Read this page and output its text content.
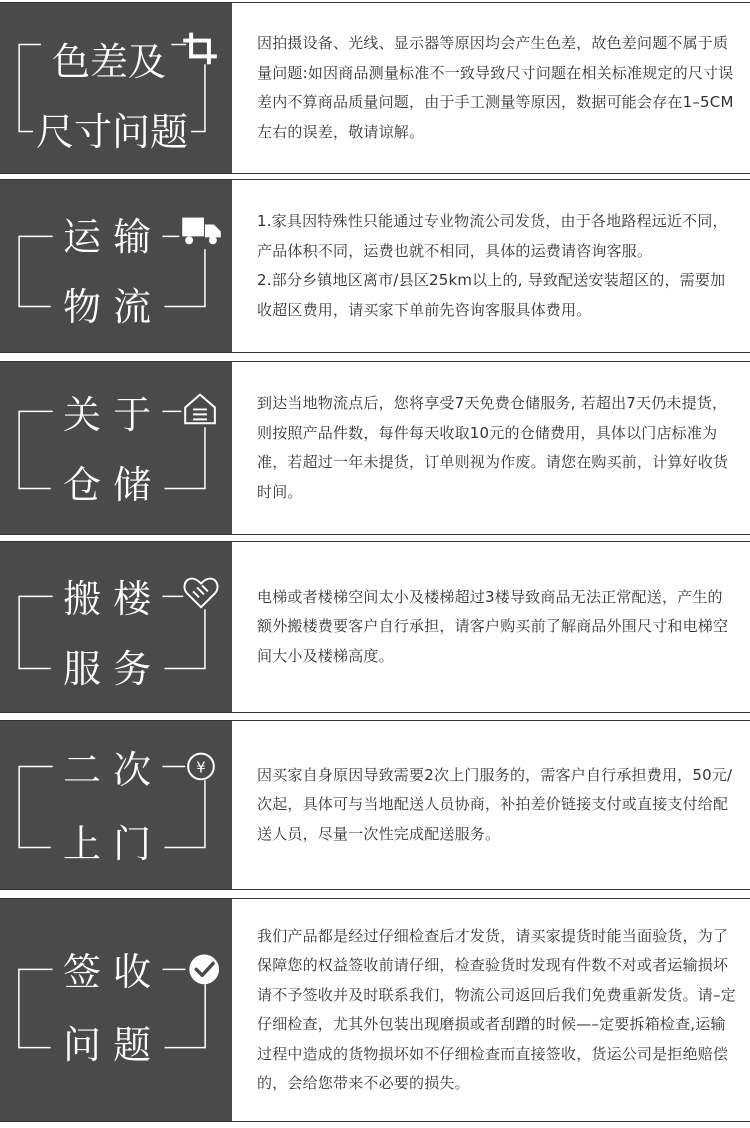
色差及
尺寸问题
因拍摄设备、光线、显示器等原因均会产生色差，故色差问题不属于质量问题:如因商品测量标准不一致导致尺寸问题在相关标准规定的尺寸误差内不算商品质量问题，由于手工测量等原因，数据可能会存在1–5CM左右的误差，敬请谅解。
运 输
物 流
1.家具因特殊性只能通过专业物流公司发货，由于各地路程远近不同，产品体积不同，运费也就不相同，具体的运费请咨询客服。
2.部分乡镇地区离市/县区25km以上的, 导致配送安装超区的，需要加收超区费用，请买家下单前先咨询客服具体费用。
关 于
仓 储
到达当地物流点后，您将享受7天免费仓储服务, 若超出7天仍未提货，则按照产品件数，每件每天收取10元的仓储费用，具体以门店标准为准，若超过一年未提货，订单则视为作废。请您在购买前，计算好收货时间。
搬 楼
服 务
电梯或者楼梯空间太小及楼梯超过3楼导致商品无法正常配送，产生的额外搬楼费要客户自行承担，请客户购买前了解商品外围尺寸和电梯空间大小及楼梯高度。
¥
二 次
上 门
因买家自身原因导致需要2次上门服务的，需客户自行承担费用，50元/次起，具体可与当地配送人员协商，补拍差价链接支付或直接支付给配送人员，尽量一次性完成配送服务。
签 收
问 题
我们产品都是经过仔细检查后才发货，请买家提货时能当面验货，为了保障您的权益签收前请仔细，检查验货时发现有件数不对或者运输损坏请不予签收并及时联系我们，物流公司返回后我们免费重新发货。请–定仔细检查，尤其外包装出现磨损或者刮蹭的时候—–定要拆箱检查,运输过程中造成的货物损坏如不仔细检查而直接签收，货运公司是拒绝赔偿的，会给您带来不必要的损失。
